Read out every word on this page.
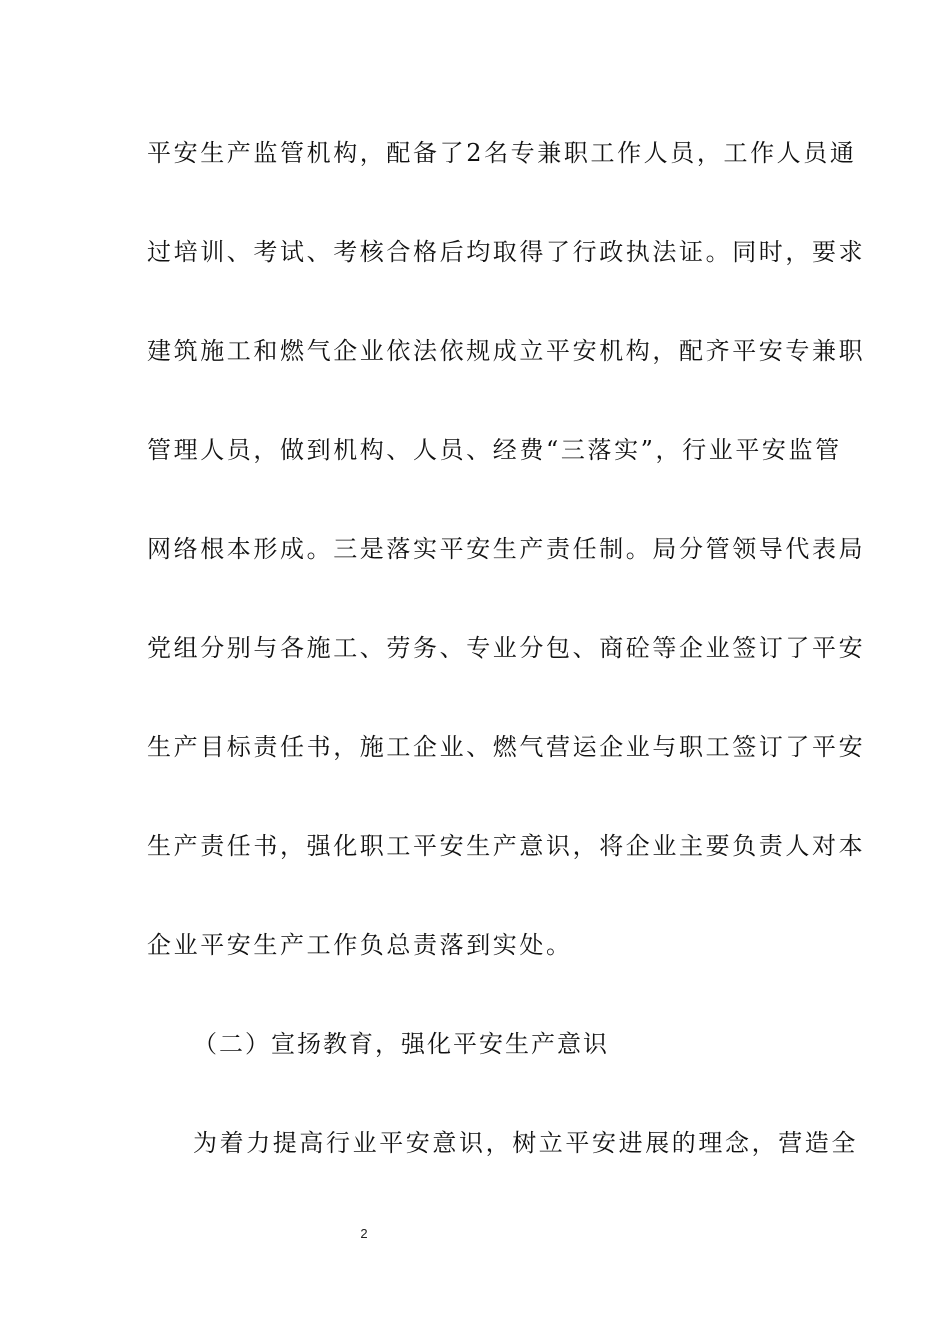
平安生产监管机构，配备了2名专兼职工作人员，工作人员通
过培训、考试、考核合格后均取得了行政执法证。同时，要求
建筑施工和燃气企业依法依规成立平安机构，配齐平安专兼职
管理人员，做到机构、人员、经费“三落实”，行业平安监管
网络根本形成。三是落实平安生产责任制。局分管领导代表局
党组分别与各施工、劳务、专业分包、商砼等企业签订了平安
生产目标责任书，施工企业、燃气营运企业与职工签订了平安
生产责任书，强化职工平安生产意识，将企业主要负责人对本
企业平安生产工作负总责落到实处。
（二）宣扬教育，强化平安生产意识
为着力提高行业平安意识，树立平安进展的理念，营造全
2
